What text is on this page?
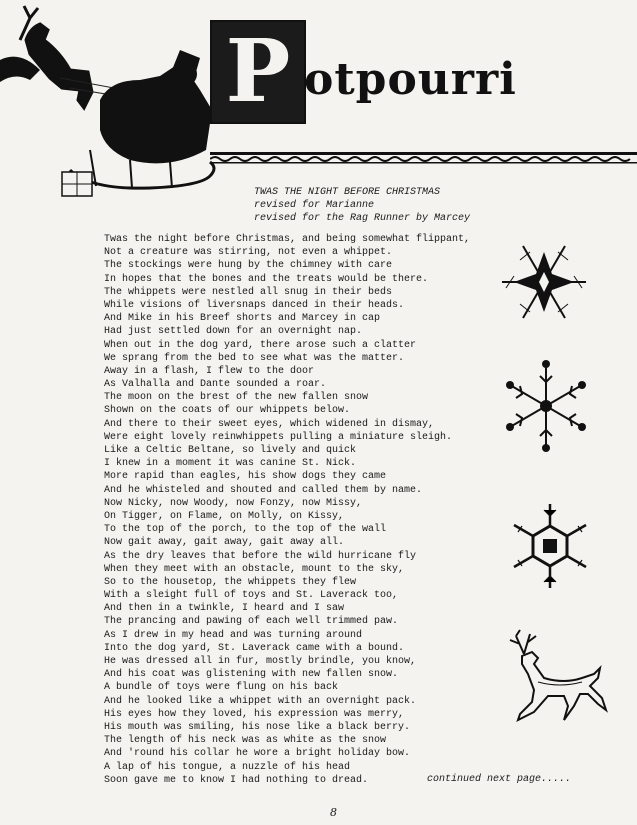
P otpourri
TWAS THE NIGHT BEFORE CHRISTMAS
revised for Marianne
revised for the Rag Runner by Marcey
Twas the night before Christmas, and being somewhat flippant,
Not a creature was stirring, not even a whippet.
The stockings were hung by the chimney with care
In hopes that the bones and the treats would be there.
The whippets were nestled all snug in their beds
While visions of liversnaps danced in their heads.
And Mike in his Breef shorts and Marcey in cap
Had just settled down for an overnight nap.
When out in the dog yard, there arose such a clatter
We sprang from the bed to see what was the matter.
Away in a flash, I flew to the door
As Valhalla and Dante sounded a roar.
The moon on the brest of the new fallen snow
Shown on the coats of our whippets below.
And there to their sweet eyes, which widened in dismay,
Were eight lovely reinwhippets pulling a miniature sleigh.
Like a Celtic Beltane, so lively and quick
I knew in a moment it was canine St. Nick.
More rapid than eagles, his show dogs they came
And he whisteled and shouted and called them by name.
Now Nicky, now Woody, now Fonzy, now Missy,
On Tigger, on Flame, on Molly, on Kissy,
To the top of the porch, to the top of the wall
Now gait away, gait away, gait away all.
As the dry leaves that before the wild hurricane fly
When they meet with an obstacle, mount to the sky,
So to the housetop, the whippets they flew
With a sleight full of toys and St. Laverack too,
And then in a twinkle, I heard and I saw
The prancing and pawing of each well trimmed paw.
As I drew in my head and was turning around
Into the dog yard, St. Laverack came with a bound.
He was dressed all in fur, mostly brindle, you know,
And his coat was glistening with new fallen snow.
A bundle of toys were flung on his back
And he looked like a whippet with an overnight pack.
His eyes how they loved, his expression was merry,
His mouth was smiling, his nose like a black berry.
The length of his neck was as white as the snow
And 'round his collar he wore a bright holiday bow.
A lap of his tongue, a nuzzle of his head
Soon gave me to know I had nothing to dread.	continued next page.....
8
